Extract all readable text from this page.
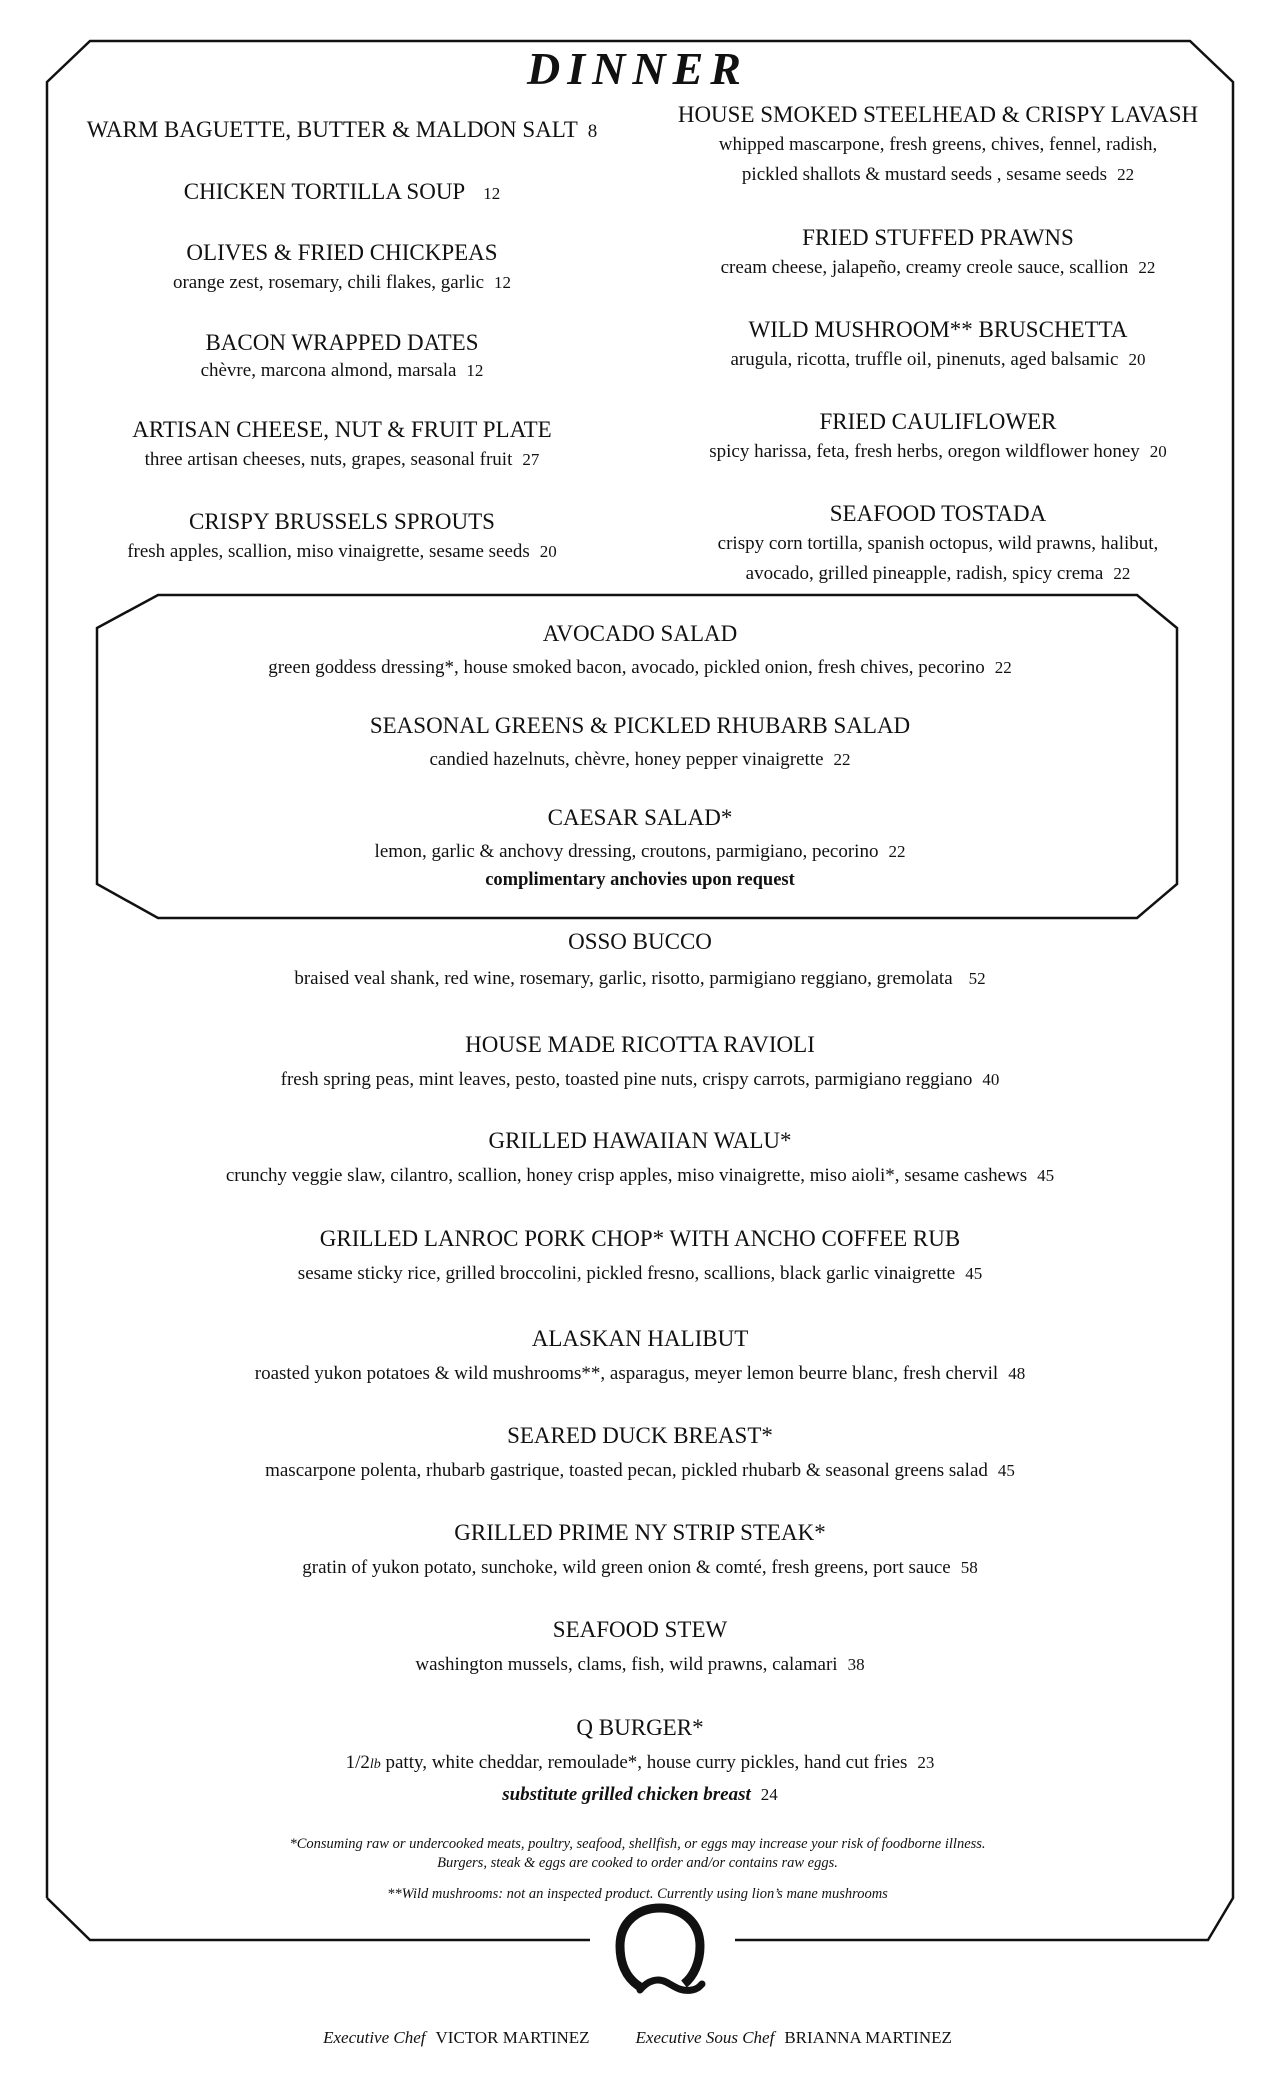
DINNER
WARM BAGUETTE, BUTTER & MALDON SALT 8
CHICKEN TORTILLA SOUP 12
OLIVES & FRIED CHICKPEAS
orange zest, rosemary, chili flakes, garlic 12
BACON WRAPPED DATES
chèvre, marcona almond, marsala 12
ARTISAN CHEESE, NUT & FRUIT PLATE
three artisan cheeses, nuts, grapes, seasonal fruit 27
CRISPY BRUSSELS SPROUTS
fresh apples, scallion, miso vinaigrette, sesame seeds 20
HOUSE SMOKED STEELHEAD & CRISPY LAVASH
whipped mascarpone, fresh greens, chives, fennel, radish,
pickled shallots & mustard seeds , sesame seeds 22
FRIED STUFFED PRAWNS
cream cheese, jalapeño, creamy creole sauce, scallion 22
WILD MUSHROOM** BRUSCHETTA
arugula, ricotta, truffle oil, pinenuts, aged balsamic 20
FRIED CAULIFLOWER
spicy harissa, feta, fresh herbs, oregon wildflower honey 20
SEAFOOD TOSTADA
crispy corn tortilla, spanish octopus, wild prawns, halibut,
avocado, grilled pineapple, radish, spicy crema 22
AVOCADO SALAD
green goddess dressing*, house smoked bacon, avocado, pickled onion, fresh chives, pecorino 22
SEASONAL GREENS & PICKLED RHUBARB SALAD
candied hazelnuts, chèvre, honey pepper vinaigrette 22
CAESAR SALAD*
lemon, garlic & anchovy dressing, croutons, parmigiano, pecorino 22
complimentary anchovies upon request
OSSO BUCCO
braised veal shank, red wine, rosemary, garlic, risotto, parmigiano reggiano, gremolata 52
HOUSE MADE RICOTTA RAVIOLI
fresh spring peas, mint leaves, pesto, toasted pine nuts, crispy carrots, parmigiano reggiano 40
GRILLED HAWAIIAN WALU*
crunchy veggie slaw, cilantro, scallion, honey crisp apples, miso vinaigrette, miso aioli*, sesame cashews 45
GRILLED LANROC PORK CHOP* WITH ANCHO COFFEE RUB
sesame sticky rice, grilled broccolini, pickled fresno, scallions, black garlic vinaigrette 45
ALASKAN HALIBUT
roasted yukon potatoes & wild mushrooms**, asparagus, meyer lemon beurre blanc, fresh chervil 48
SEARED DUCK BREAST*
mascarpone polenta, rhubarb gastrique, toasted pecan, pickled rhubarb & seasonal greens salad 45
GRILLED PRIME NY STRIP STEAK*
gratin of yukon potato, sunchoke, wild green onion & comté, fresh greens, port sauce 58
SEAFOOD STEW
washington mussels, clams, fish, wild prawns, calamari 38
Q BURGER*
1/2lb patty, white cheddar, remoulade*, house curry pickles, hand cut fries 23
substitute grilled chicken breast 24
*Consuming raw or undercooked meats, poultry, seafood, shellfish, or eggs may increase your risk of foodborne illness.
Burgers, steak & eggs are cooked to order and/or contains raw eggs.
**Wild mushrooms: not an inspected product. Currently using lion’s mane mushrooms
Executive Chef VICTOR MARTINEZ	Executive Sous Chef BRIANNA MARTINEZ
